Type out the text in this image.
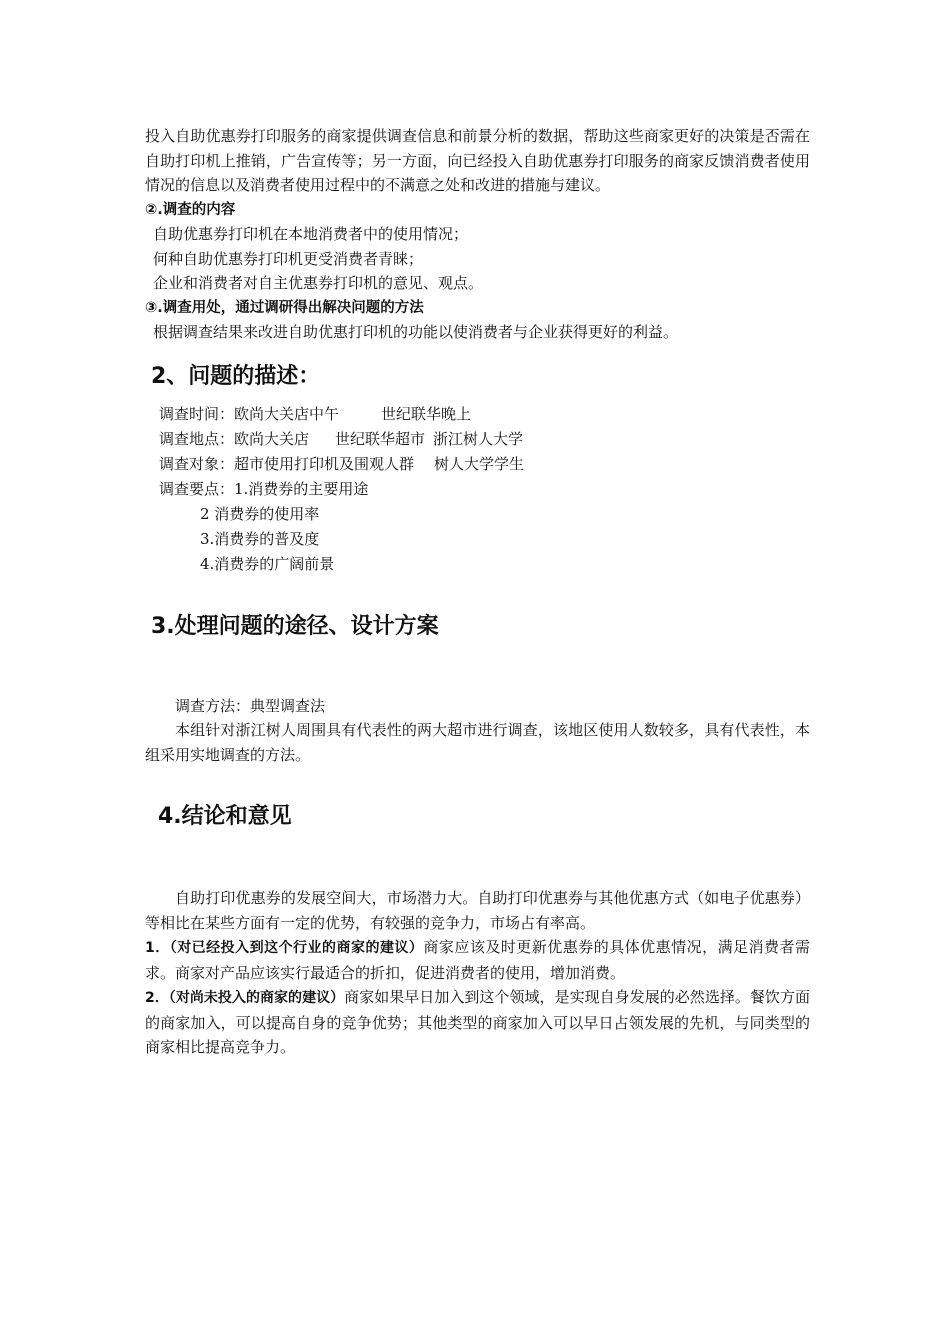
投入自助优惠券打印服务的商家提供调查信息和前景分析的数据，帮助这些商家更好的决策是否需在自助打印机上推销，广告宣传等；另一方面，向已经投入自助优惠券打印服务的商家反馈消费者使用情况的信息以及消费者使用过程中的不满意之处和改进的措施与建议。

②.调查的内容

自助优惠券打印机在本地消费者中的使用情况；

何种自助优惠券打印机更受消费者青睐；

企业和消费者对自主优惠券打印机的意见、观点。

③.调查用处，通过调研得出解决问题的方法

根据调查结果来改进自助优惠打印机的功能以使消费者与企业获得更好的利益。

2、问题的描述：

调查时间：欧尚大关店中午	世纪联华晚上

调查地点：欧尚大关店 世纪联华超市 浙江树人大学

调查对象：超市使用打印机及围观人群 树人大学学生

调查要点：1.消费券的主要用途

2 消费券的使用率

3.消费券的普及度

4.消费券的广阔前景

3.处理问题的途径、设计方案

调查方法：典型调查法

本组针对浙江树人周围具有代表性的两大超市进行调查，该地区使用人数较多，具有代表性，本组采用实地调查的方法。

4.结论和意见

自助打印优惠券的发展空间大，市场潜力大。自助打印优惠券与其他优惠方式（如电子优惠券）等相比在某些方面有一定的优势，有较强的竞争力，市场占有率高。

1．（对已经投入到这个行业的商家的建议）商家应该及时更新优惠券的具体优惠情况，满足消费者需求。商家对产品应该实行最适合的折扣，促进消费者的使用，增加消费。

2．（对尚未投入的商家的建议）商家如果早日加入到这个领域，是实现自身发展的必然选择。餐饮方面的商家加入，可以提高自身的竞争优势；其他类型的商家加入可以早日占领发展的先机，与同类型的商家相比提高竞争力。
